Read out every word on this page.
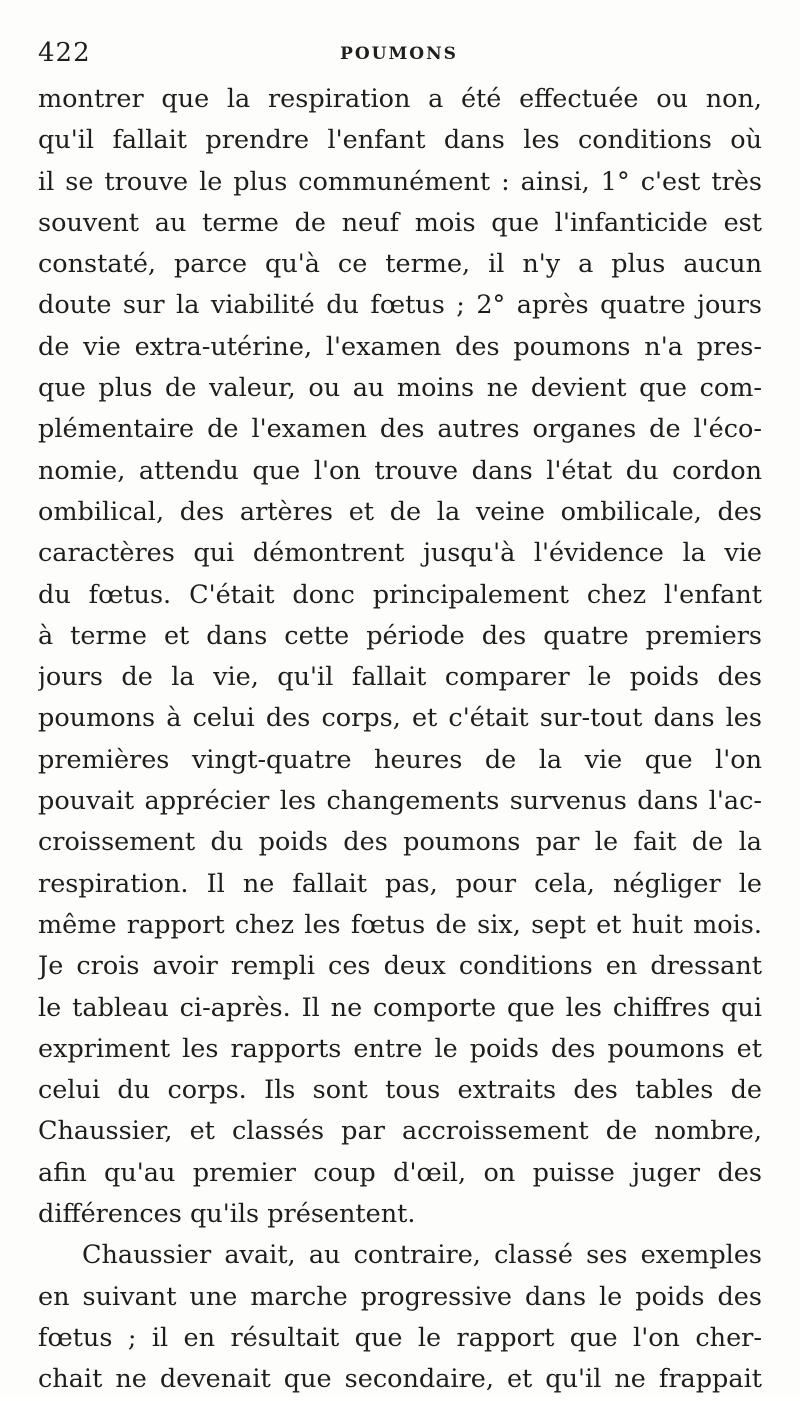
422	POUMONS
montrer que la respiration a été effectuée ou non,
qu'il fallait prendre l'enfant dans les conditions où
il se trouve le plus communément : ainsi, 1° c'est très
souvent au terme de neuf mois que l'infanticide est
constaté, parce qu'à ce terme, il n'y a plus aucun
doute sur la viabilité du fœtus ; 2° après quatre jours
de vie extra-utérine, l'examen des poumons n'a pres-
que plus de valeur, ou au moins ne devient que com-
plémentaire de l'examen des autres organes de l'éco-
nomie, attendu que l'on trouve dans l'état du cordon
ombilical, des artères et de la veine ombilicale, des
caractères qui démontrent jusqu'à l'évidence la vie
du fœtus. C'était donc principalement chez l'enfant
à terme et dans cette période des quatre premiers
jours de la vie, qu'il fallait comparer le poids des
poumons à celui des corps, et c'était sur-tout dans les
premières vingt-quatre heures de la vie que l'on
pouvait apprécier les changements survenus dans l'ac-
croissement du poids des poumons par le fait de la
respiration. Il ne fallait pas, pour cela, négliger le
même rapport chez les fœtus de six, sept et huit mois.
Je crois avoir rempli ces deux conditions en dressant
le tableau ci-après. Il ne comporte que les chiffres qui
expriment les rapports entre le poids des poumons et
celui du corps. Ils sont tous extraits des tables de
Chaussier, et classés par accroissement de nombre,
afin qu'au premier coup d'œil, on puisse juger des
différences qu'ils présentent.
Chaussier avait, au contraire, classé ses exemples
en suivant une marche progressive dans le poids des
fœtus ; il en résultait que le rapport que l'on cher-
chait ne devenait que secondaire, et qu'il ne frappait
